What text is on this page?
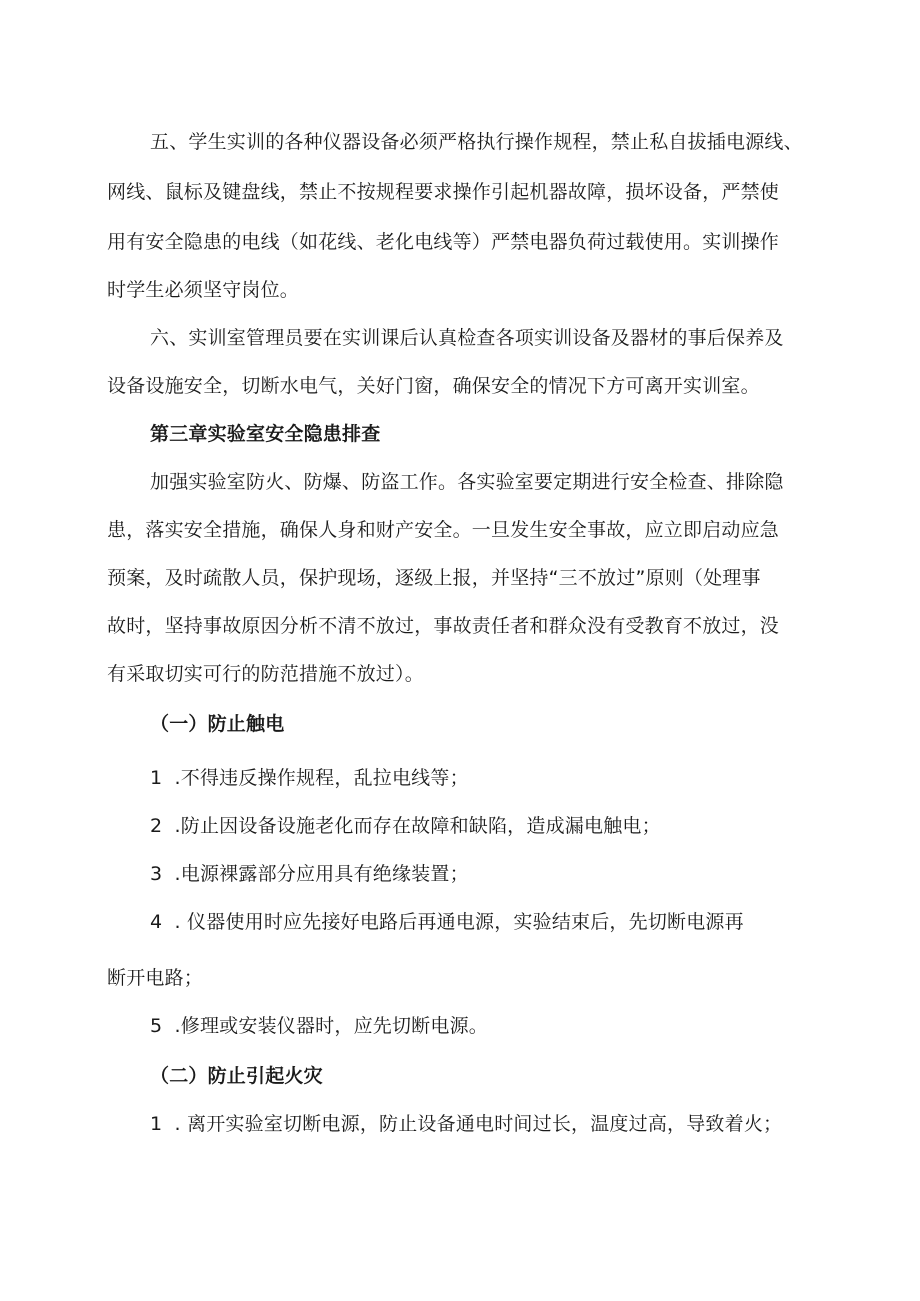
五、学生实训的各种仪器设备必须严格执行操作规程，禁止私自拔插电源线、
网线、鼠标及键盘线，禁止不按规程要求操作引起机器故障，损坏设备，严禁使
用有安全隐患的电线（如花线、老化电线等）严禁电器负荷过载使用。实训操作
时学生必须坚守岗位。
六、实训室管理员要在实训课后认真检查各项实训设备及器材的事后保养及
设备设施安全，切断水电气，关好门窗，确保安全的情况下方可离开实训室。
第三章实验室安全隐患排查
加强实验室防火、防爆、防盗工作。各实验室要定期进行安全检查、排除隐
患，落实安全措施，确保人身和财产安全。一旦发生安全事故，应立即启动应急
预案，及时疏散人员，保护现场，逐级上报，并坚持“三不放过”原则（处理事
故时，坚持事故原因分析不清不放过，事故责任者和群众没有受教育不放过，没
有采取切实可行的防范措施不放过）。
（一）防止触电
1 .不得违反操作规程，乱拉电线等；
2 .防止因设备设施老化而存在故障和缺陷，造成漏电触电；
3 .电源裸露部分应用具有绝缘装置；
4 . 仪器使用时应先接好电路后再通电源，实验结束后，先切断电源再
断开电路；
5 .修理或安装仪器时，应先切断电源。
（二）防止引起火灾
1 . 离开实验室切断电源，防止设备通电时间过长，温度过高，导致着火；
